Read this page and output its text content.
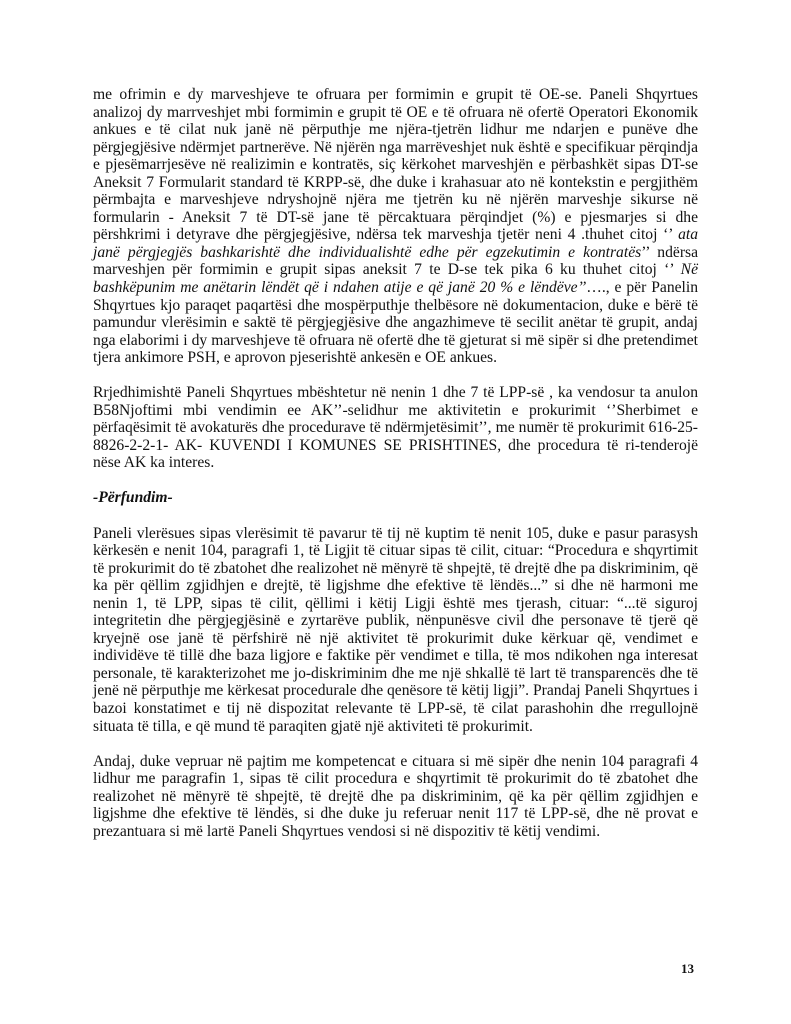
me ofrimin e dy marveshjeve te ofruara per formimin e grupit të OE-se. Paneli Shqyrtues analizoj dy marrveshjet mbi formimin e grupit të OE e të ofruara në ofertë Operatori Ekonomik ankues e të cilat nuk janë në përputhje me njëra-tjetrën lidhur me ndarjen e punëve dhe përgjegjësive ndërmjet partnerëve. Në njërën nga marrëveshjet nuk është e specifikuar përqindja e pjesëmarrjesëve në realizimin e kontratës, siç kërkohet marveshjën e përbashkët sipas DT-se Aneksit 7 Formularit standard të KRPP-së, dhe duke i krahasuar ato në kontekstin e pergjithëm përmbajta e marveshjeve ndryshojnë njëra me tjetrën ku në njërën marveshje sikurse në formularin - Aneksit 7 të DT-së jane të përcaktuara përqindjet (%) e pjesmarjes si dhe përshkrimi i detyrave dhe përgjegjësive, ndërsa tek marveshja tjetër neni 4 .thuhet citoj ‘’ ata janë përgjegjës bashkarishtë dhe individualishtë edhe për egzekutimin e kontratës’’ ndërsa marveshjen për formimin e grupit sipas aneksit 7 te D-se tek pika 6 ku thuhet citoj ‘’ Në bashkëpunim me anëtarin lëndët që i ndahen atije e që janë 20 % e lëndëve’’…., e për Panelin Shqyrtues kjo paraqet paqartësi dhe mospërputhje thelbësore në dokumentacion, duke e bërë të pamundur vlerësimin e saktë të përgjegjësive dhe angazhimeve të secilit anëtar të grupit, andaj nga elaborimi i dy marveshjeve të ofruara në ofertë dhe të gjeturat si më sipër si dhe pretendimet tjera ankimore PSH, e aprovon pjeserishtë ankesën e OE ankues.

Rrjedhimishtë Paneli Shqyrtues mbështetur në nenin 1 dhe 7 të LPP-së , ka vendosur ta anulon B58Njoftimi mbi vendimin ee AK’’-selidhur me aktivitetin e prokurimit ‘’Sherbimet e përfaqësimit të avokaturës dhe procedurave të ndërmjetësimit’’, me numër të prokurimit 616-25-8826-2-2-1- AK- KUVENDI I KOMUNES SE PRISHTINES, dhe procedura të ri-tenderojë nëse AK ka interes.

-Përfundim-

Paneli vlerësues sipas vlerësimit të pavarur të tij në kuptim të nenit 105, duke e pasur parasysh kërkesën e nenit 104, paragrafi 1, të Ligjit të cituar sipas të cilit, cituar: “Procedura e shqyrtimit të prokurimit do të zbatohet dhe realizohet në mënyrë të shpejtë, të drejtë dhe pa diskriminim, që ka për qëllim zgjidhjen e drejtë, të ligjshme dhe efektive të lëndës...” si dhe në harmoni me nenin 1, të LPP, sipas të cilit, qëllimi i këtij Ligji është mes tjerash, cituar: “...të siguroj integritetin dhe përgjegjësinë e zyrtarëve publik, nënpunësve civil dhe personave të tjerë që kryejnë ose janë të përfshirë në një aktivitet të prokurimit duke kërkuar që, vendimet e individëve të tillë dhe baza ligjore e faktike për vendimet e tilla, të mos ndikohen nga interesat personale, të karakterizohet me jo-diskriminim dhe me një shkallë të lart të transparencës dhe të jenë në përputhje me kërkesat procedurale dhe qenësore të këtij ligji”. Prandaj Paneli Shqyrtues i bazoi konstatimet e tij në dispozitat relevante të LPP-së, të cilat parashohin dhe rregullojnë situata të tilla, e që mund të paraqiten gjatë një aktiviteti të prokurimit.

Andaj, duke vepruar në pajtim me kompetencat e cituara si më sipër dhe nenin 104 paragrafi 4 lidhur me paragrafin 1, sipas të cilit procedura e shqyrtimit të prokurimit do të zbatohet dhe realizohet në mënyrë të shpejtë, të drejtë dhe pa diskriminim, që ka për qëllim zgjidhjen e ligjshme dhe efektive të lëndës, si dhe duke ju referuar nenit 117 të LPP-së, dhe në provat e prezantuara si më lartë Paneli Shqyrtues vendosi si në dispozitiv të këtij vendimi.

13
